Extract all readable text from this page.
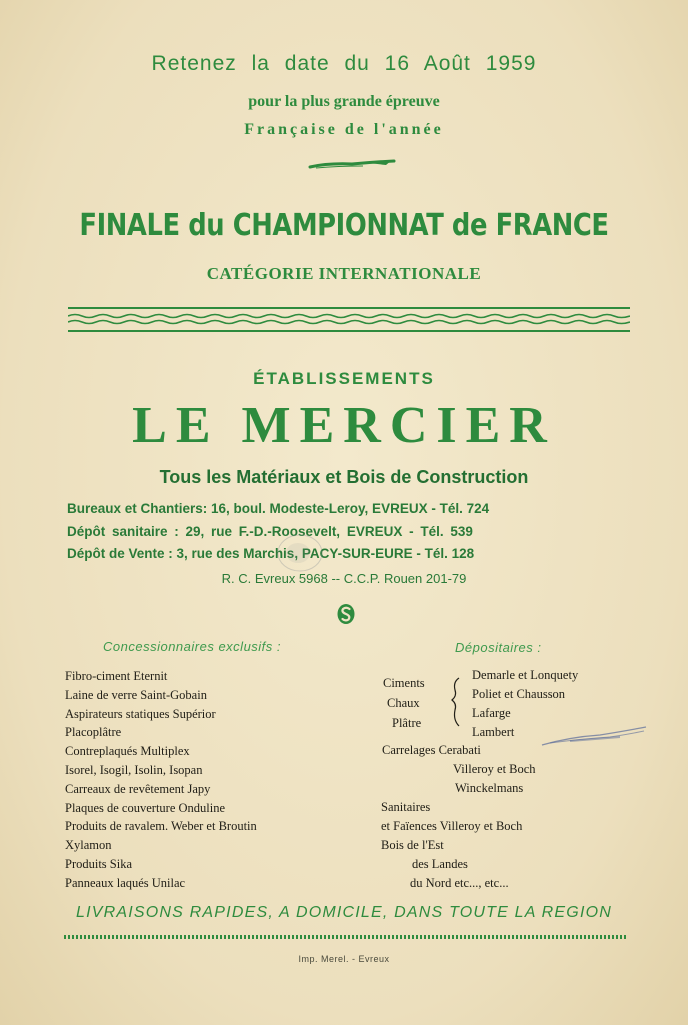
Retenez la date du 16 Août 1959
pour la plus grande épreuve
Française de l'année
FINALE du CHAMPIONNAT de FRANCE
CATÉGORIE INTERNATIONALE
ÉTABLISSEMENTS
LE MERCIER
Tous les Matériaux et Bois de Construction
Bureaux et Chantiers: 16, boul. Modeste-Leroy, EVREUX - Tél. 724
Dépôt sanitaire : 29, rue F.-D.-Roosevelt, EVREUX - Tél. 539
Dépôt de Vente : 3, rue des Marchis, PACY-SUR-EURE - Tél. 128
R. C. Evreux 5968 -- C.C.P. Rouen 201-79
Concessionnaires exclusifs :	Dépositaires :
Fibro-ciment Eternit
Laine de verre Saint-Gobain
Aspirateurs statiques Supérior
Placoplâtre
Contreplaqués Multiplex
Isorel, Isogil, Isolin, Isopan
Carreaux de revêtement Japy
Plaques de couverture Onduline
Produits de ravalem. Weber et Broutin
Xylamon
Produits Sika
Panneaux laqués Unilac
Ciments
Chaux
Plâtre
Demarle et Lonquety
Poliet et Chausson
Lafarge
Lambert
Carrelages Cerabati
Villeroy et Boch
Winckelmans
Sanitaires
et Faïences Villeroy et Boch
Bois de l'Est
des Landes
du Nord etc..., etc...
LIVRAISONS RAPIDES, A DOMICILE, DANS TOUTE LA REGION
Imp. Merel. - Evreux
